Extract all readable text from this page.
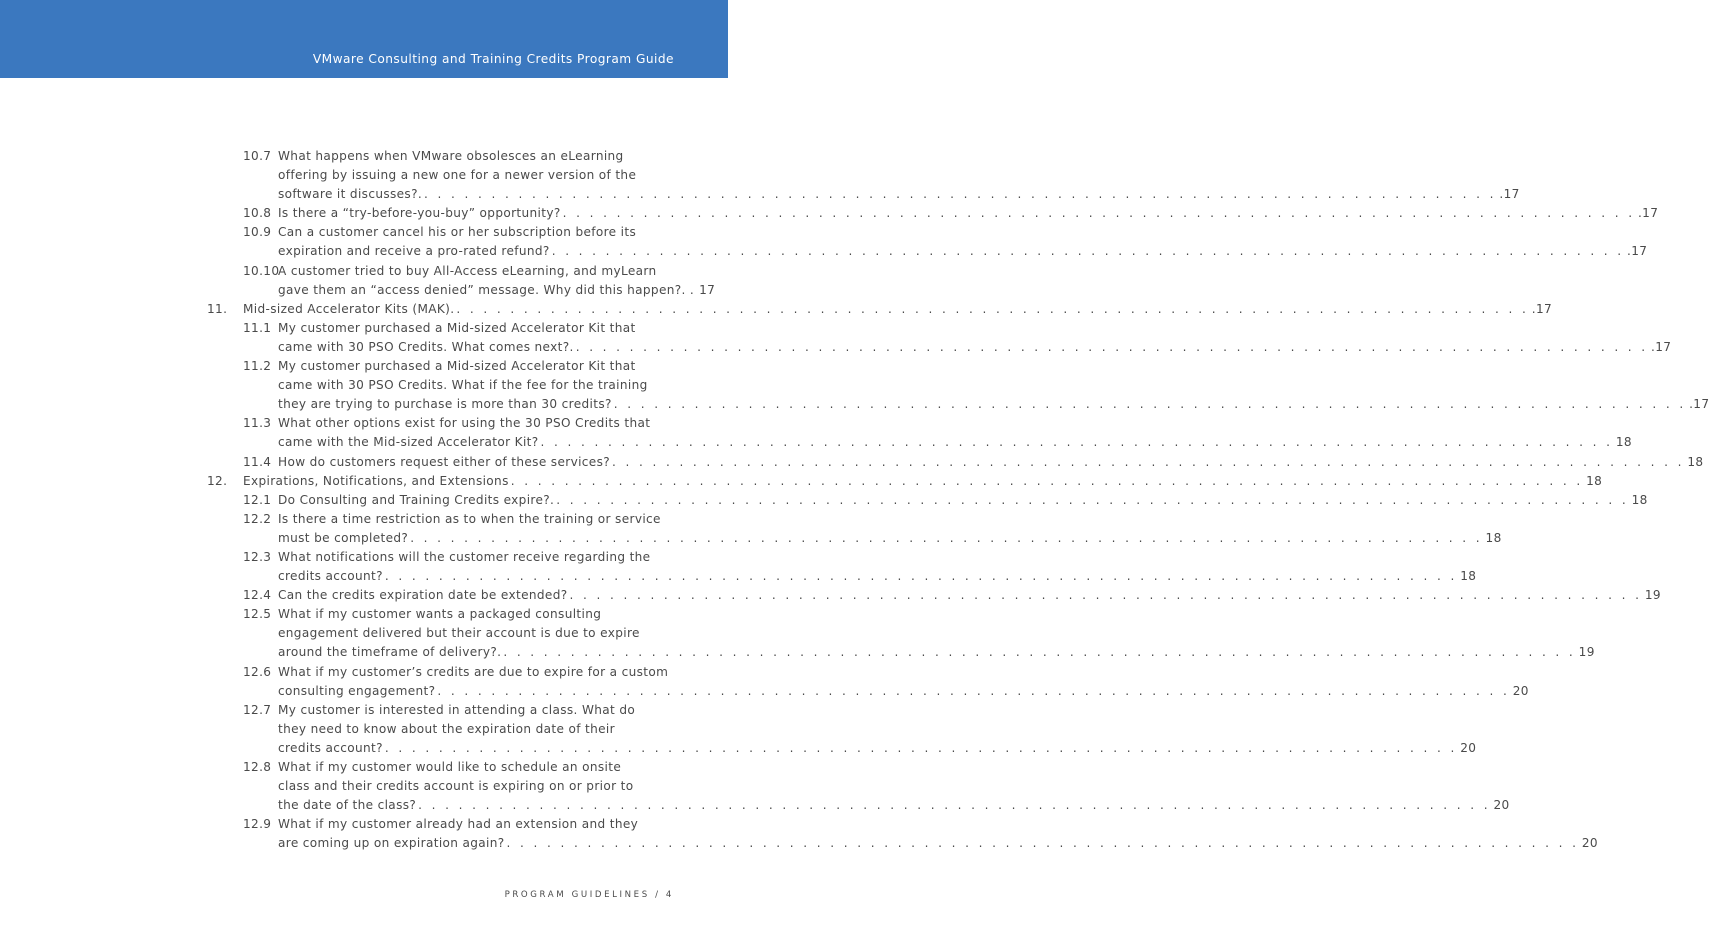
VMware Consulting and Training Credits Program Guide
10.7 What happens when VMware obsolesces an eLearning
offering by issuing a new one for a newer version of the
software it discusses?. . . . . . . . . . . . . . . . . . . . . . . . . . . . . . . . . . . . . . . . . . . . . . . . . . . . . . . . . . . . . . . . . . . . . . . . . . . . . . . . . .17
10.8 Is there a “try-before-you-buy” opportunity? . . . . . . . . . . . . . . . . . . . . . . . . . . . . . . . . . . . . . . . . . . . . . . . . . . . . . . . . . . . . . . . . . . . . . . . . . . . . . . . . .17
10.9 Can a customer cancel his or her subscription before its
expiration and receive a pro-rated refund? . . . . . . . . . . . . . . . . . . . . . . . . . . . . . . . . . . . . . . . . . . . . . . . . . . . . . . . . . . . . . . . . . . . . . . . . . . . . . . . . .17
10.10
A customer tried to buy All-Access eLearning, and myLearn
gave them an “access denied” message. Why did this happen?. . 17
11. Mid-sized Accelerator Kits (MAK). . . . . . . . . . . . . . . . . . . . . . . . . . . . . . . . . . . . . . . . . . . . . . . . . . . . . . . . . . . . . . . . . . . . . . . . . . . . . . . . . .17
11.1 My customer purchased a Mid-sized Accelerator Kit that
came with 30 PSO Credits. What comes next?. . . . . . . . . . . . . . . . . . . . . . . . . . . . . . . . . . . . . . . . . . . . . . . . . . . . . . . . . . . . . . . . . . . . . . . . . . . . . . . . . .17
11.2 My customer purchased a Mid-sized Accelerator Kit that
came with 30 PSO Credits. What if the fee for the training
they are trying to purchase is more than 30 credits? . . . . . . . . . . . . . . . . . . . . . . . . . . . . . . . . . . . . . . . . . . . . . . . . . . . . . . . . . . . . . . . . . . . . . . . . . . . . . . . . .17
11.3 What other options exist for using the 30 PSO Credits that
came with the Mid-sized Accelerator Kit? . . . . . . . . . . . . . . . . . . . . . . . . . . . . . . . . . . . . . . . . . . . . . . . . . . . . . . . . . . . . . . . . . . . . . . . . . . . . . . . . 18
11.4 How do customers request either of these services? . . . . . . . . . . . . . . . . . . . . . . . . . . . . . . . . . . . . . . . . . . . . . . . . . . . . . . . . . . . . . . . . . . . . . . . . . . . . . . . . 18
12. Expirations, Notifications, and Extensions . . . . . . . . . . . . . . . . . . . . . . . . . . . . . . . . . . . . . . . . . . . . . . . . . . . . . . . . . . . . . . . . . . . . . . . . . . . . . . . . 18
12.1 Do Consulting and Training Credits expire?. . . . . . . . . . . . . . . . . . . . . . . . . . . . . . . . . . . . . . . . . . . . . . . . . . . . . . . . . . . . . . . . . . . . . . . . . . . . . . . . . 18
12.2 Is there a time restriction as to when the training or service
must be completed? . . . . . . . . . . . . . . . . . . . . . . . . . . . . . . . . . . . . . . . . . . . . . . . . . . . . . . . . . . . . . . . . . . . . . . . . . . . . . . . . 18
12.3 What notifications will the customer receive regarding the
credits account? . . . . . . . . . . . . . . . . . . . . . . . . . . . . . . . . . . . . . . . . . . . . . . . . . . . . . . . . . . . . . . . . . . . . . . . . . . . . . . . . 18
12.4 Can the credits expiration date be extended? . . . . . . . . . . . . . . . . . . . . . . . . . . . . . . . . . . . . . . . . . . . . . . . . . . . . . . . . . . . . . . . . . . . . . . . . . . . . . . . . 19
12.5 What if my customer wants a packaged consulting
engagement delivered but their account is due to expire
around the timeframe of delivery?. . . . . . . . . . . . . . . . . . . . . . . . . . . . . . . . . . . . . . . . . . . . . . . . . . . . . . . . . . . . . . . . . . . . . . . . . . . . . . . . . 19
12.6 What if my customer’s credits are due to expire for a custom
consulting engagement? . . . . . . . . . . . . . . . . . . . . . . . . . . . . . . . . . . . . . . . . . . . . . . . . . . . . . . . . . . . . . . . . . . . . . . . . . . . . . . . . 20
12.7 My customer is interested in attending a class. What do
they need to know about the expiration date of their
credits account? . . . . . . . . . . . . . . . . . . . . . . . . . . . . . . . . . . . . . . . . . . . . . . . . . . . . . . . . . . . . . . . . . . . . . . . . . . . . . . . . 20
12.8 What if my customer would like to schedule an onsite
class and their credits account is expiring on or prior to
the date of the class? . . . . . . . . . . . . . . . . . . . . . . . . . . . . . . . . . . . . . . . . . . . . . . . . . . . . . . . . . . . . . . . . . . . . . . . . . . . . . . . . 20
12.9 What if my customer already had an extension and they
are coming up on expiration again? . . . . . . . . . . . . . . . . . . . . . . . . . . . . . . . . . . . . . . . . . . . . . . . . . . . . . . . . . . . . . . . . . . . . . . . . . . . . . . . . 20
PROGRAM GUIDELINES / 4
